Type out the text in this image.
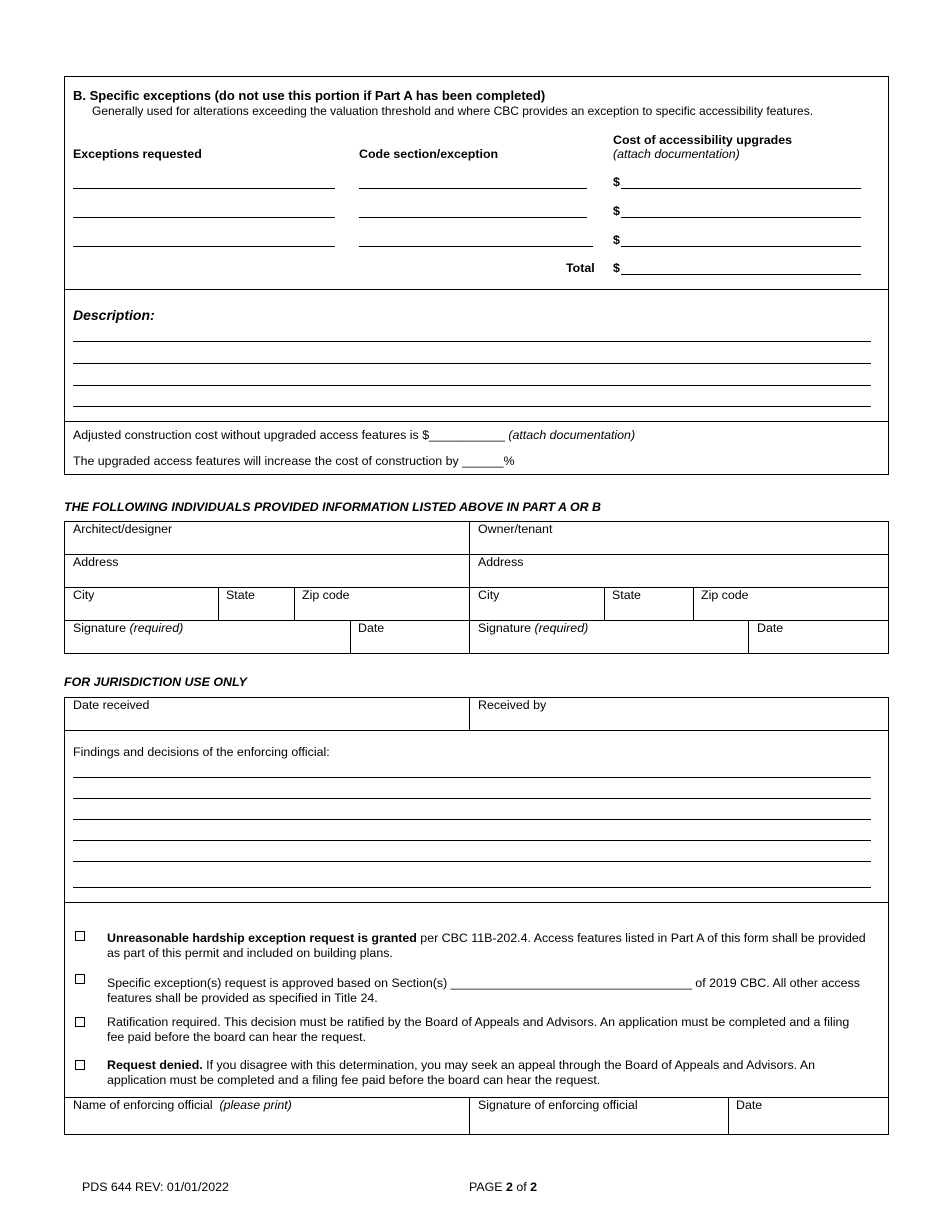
B. Specific exceptions (do not use this portion if Part A has been completed)
Generally used for alterations exceeding the valuation threshold and where CBC provides an exception to specific accessibility features.
Exceptions requested	Code section/exception
Cost of accessibility upgrades
(attach documentation)
$
$
$
Total $
Description:
Adjusted construction cost without upgraded access features is $___________ (attach documentation)
The upgraded access features will increase the cost of construction by ______%
THE FOLLOWING INDIVIDUALS PROVIDED INFORMATION LISTED ABOVE IN PART A OR B
Architect/designer	Owner/tenant
Address	Address
City	State	Zip code	City	State	Zip code
Signature (required)	Date	Signature (required)	Date
FOR JURISDICTION USE ONLY
Date received	Received by
Findings and decisions of the enforcing official:
Unreasonable hardship exception request is granted per CBC 11B-202.4. Access features listed in Part A of this form shall be provided
as part of this permit and included on building plans.
Specific exception(s) request is approved based on Section(s) ___________________________________ of 2019 CBC. All other access
features shall be provided as specified in Title 24.
Ratification required. This decision must be ratified by the Board of Appeals and Advisors. An application must be completed and a filing
fee paid before the board can hear the request.
Request denied. If you disagree with this determination, you may seek an appeal through the Board of Appeals and Advisors. An
application must be completed and a filing fee paid before the board can hear the request.
Name of enforcing official (please print)	Signature of enforcing official	Date
PDS 644 REV: 01/01/2022	PAGE 2 of 2
